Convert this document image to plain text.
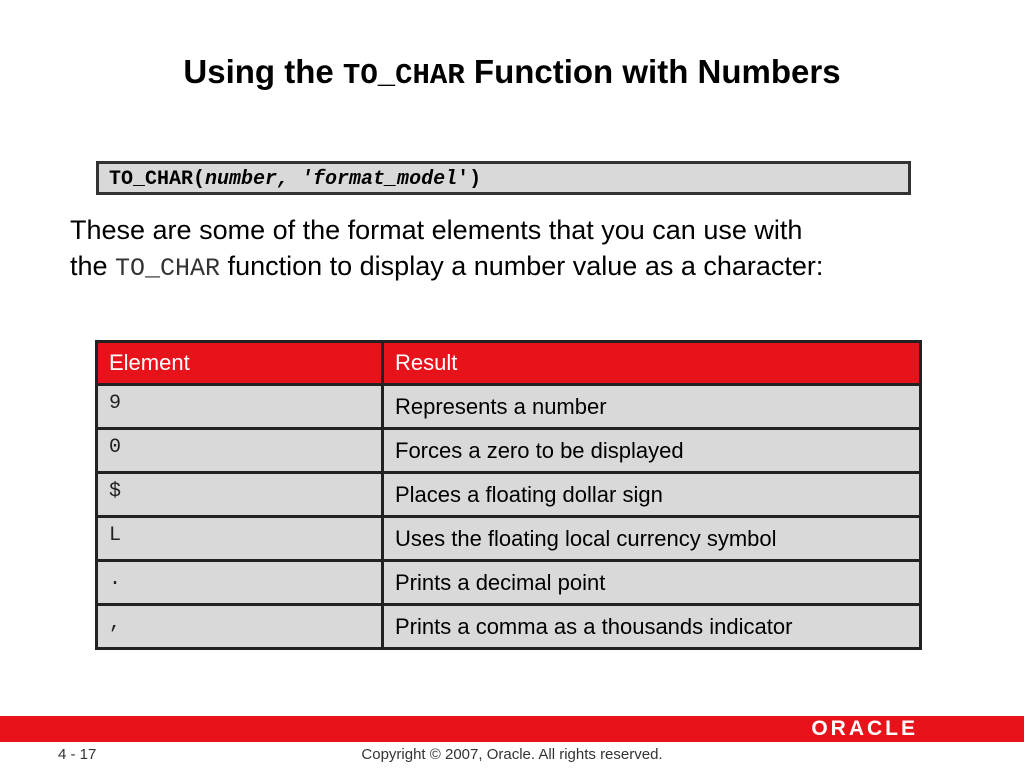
Using the TO_CHAR Function with Numbers
TO_CHAR(number, 'format_model')
These are some of the format elements that you can use with
the TO_CHAR function to display a number value as a character:
Element	Result
9	Represents a number
0	Forces a zero to be displayed
$	Places a floating dollar sign
L	Uses the floating local currency symbol
.	Prints a decimal point
,	Prints a comma as a thousands indicator
ORACLE
4 - 17	Copyright © 2007, Oracle. All rights reserved.
